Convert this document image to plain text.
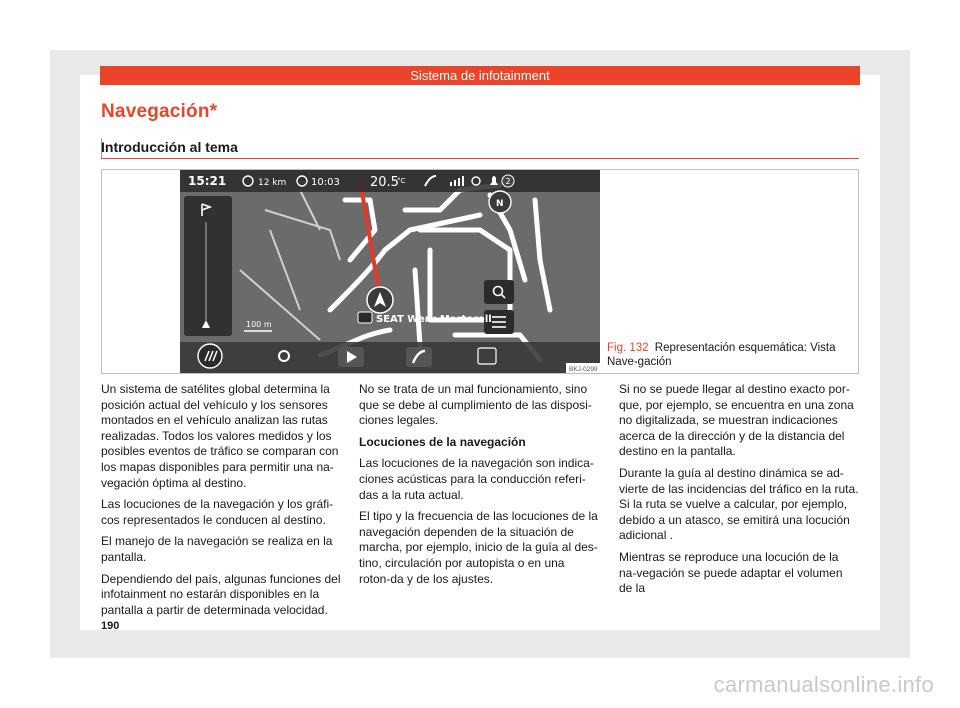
Sistema de infotainment
Navegación*
Introducción al tema
15:21	12 km 10:03 20.5
°C	2
100 m
N
SEAT Werk Martorell
BKJ-0299
Fig. 132 Representación esquemática: Vista Nave-gación

Un sistema de satélites global determina la posición actual del vehículo y los sensores montados en el vehículo analizan las rutas realizadas. Todos los valores medidos y los posibles eventos de tráfico se comparan con los mapas disponibles para permitir una na-vegación óptima al destino.

Las locuciones de la navegación y los gráfi-cos representados le conducen al destino.

El manejo de la navegación se realiza en la pantalla.

Dependiendo del país, algunas funciones del infotainment no estarán disponibles en la pantalla a partir de determinada velocidad.

No se trata de un mal funcionamiento, sino que se debe al cumplimiento de las disposi-ciones legales.

Locuciones de la navegación

Las locuciones de la navegación son indica-ciones acústicas para la conducción referi-das a la ruta actual.

El tipo y la frecuencia de las locuciones de la navegación dependen de la situación de marcha, por ejemplo, inicio de la guía al des-tino, circulación por autopista o en una roton-da y de los ajustes.

Si no se puede llegar al destino exacto por-que, por ejemplo, se encuentra en una zona no digitalizada, se muestran indicaciones acerca de la dirección y de la distancia del destino en la pantalla.

Durante la guía al destino dinámica se ad-vierte de las incidencias del tráfico en la ruta. Si la ruta se vuelve a calcular, por ejemplo, debido a un atasco, se emitirá una locución adicional .

Mientras se reproduce una locución de la na-vegación se puede adaptar el volumen de la

190
carmanualsonline.info
